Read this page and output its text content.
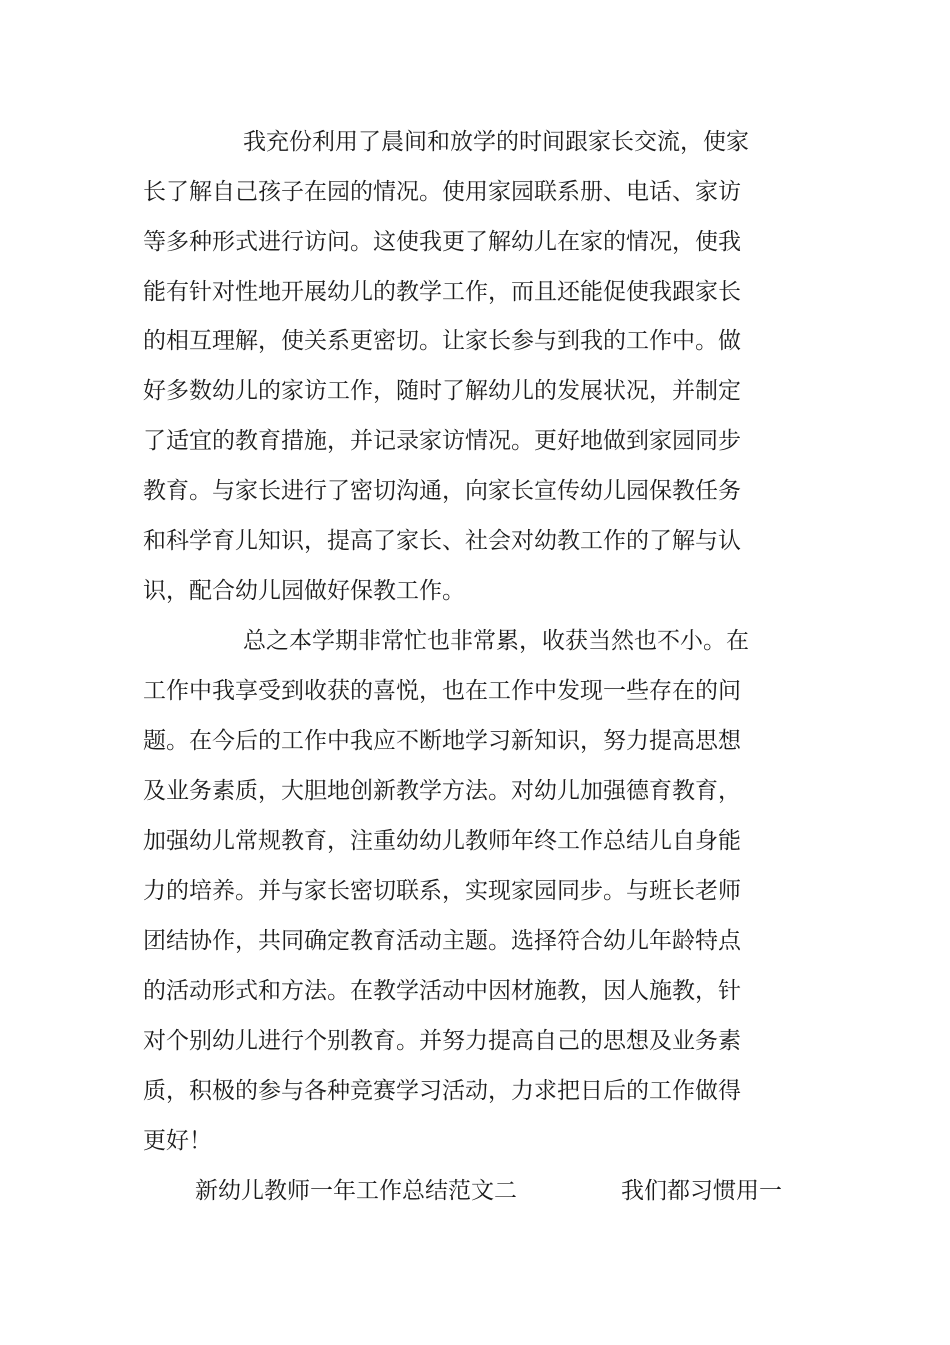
我充份利用了晨间和放学的时间跟家长交流，使家
长了解自己孩子在园的情况。使用家园联系册、电话、家访
等多种形式进行访问。这使我更了解幼儿在家的情况，使我
能有针对性地开展幼儿的教学工作，而且还能促使我跟家长
的相互理解，使关系更密切。让家长参与到我的工作中。做
好多数幼儿的家访工作，随时了解幼儿的发展状况，并制定
了适宜的教育措施，并记录家访情况。更好地做到家园同步
教育。与家长进行了密切沟通，向家长宣传幼儿园保教任务
和科学育儿知识，提高了家长、社会对幼教工作的了解与认
识，配合幼儿园做好保教工作。
总之本学期非常忙也非常累，收获当然也不小。在
工作中我享受到收获的喜悦，也在工作中发现一些存在的问
题。在今后的工作中我应不断地学习新知识，努力提高思想
及业务素质，大胆地创新教学方法。对幼儿加强德育教育，
加强幼儿常规教育，注重幼幼儿教师年终工作总结儿自身能
力的培养。并与家长密切联系，实现家园同步。与班长老师
团结协作，共同确定教育活动主题。选择符合幼儿年龄特点
的活动形式和方法。在教学活动中因材施教，因人施教，针
对个别幼儿进行个别教育。并努力提高自己的思想及业务素
质，积极的参与各种竞赛学习活动，力求把日后的工作做得
更好！
新幼儿教师一年工作总结范文二	我们都习惯用一
